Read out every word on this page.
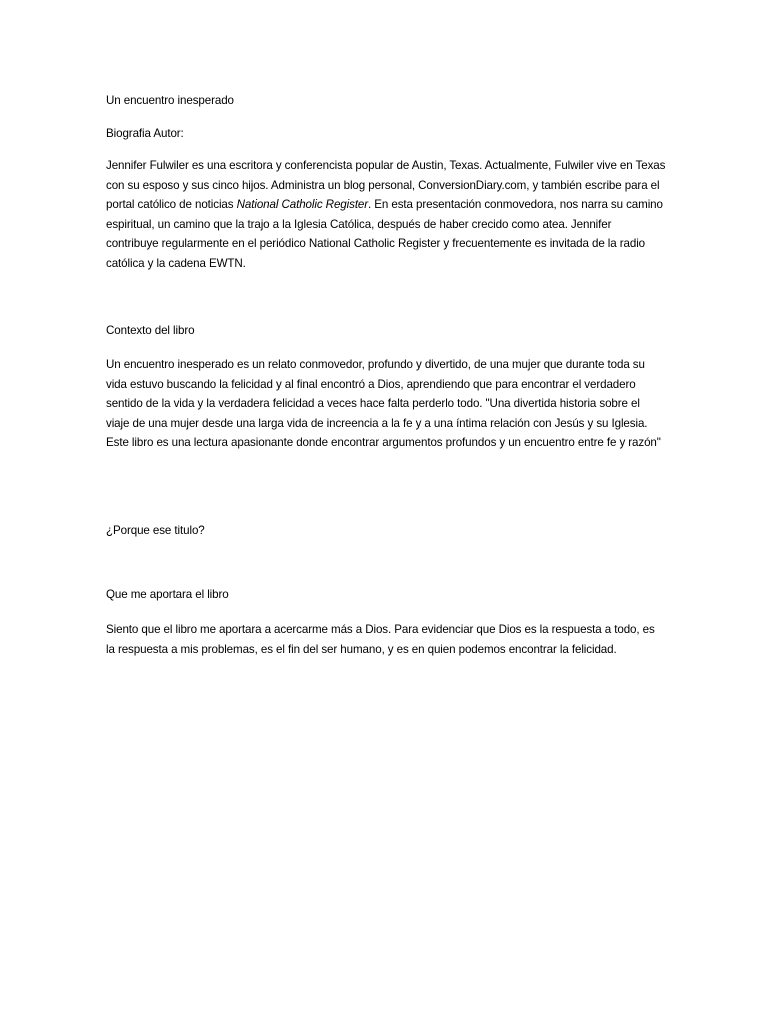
Un encuentro inesperado

Biografia Autor:

Jennifer Fulwiler es una escritora y conferencista popular de Austin, Texas. Actualmente, Fulwiler vive en Texas con su esposo y sus cinco hijos. Administra un blog personal, ConversionDiary.com, y también escribe para el portal católico de noticias National Catholic Register. En esta presentación conmovedora, nos narra su camino espiritual, un camino que la trajo a la Iglesia Católica, después de haber crecido como atea. Jennifer contribuye regularmente en el periódico National Catholic Register y frecuentemente es invitada de la radio católica y la cadena EWTN.

Contexto del libro

Un encuentro inesperado es un relato conmovedor, profundo y divertido, de una mujer que durante toda su vida estuvo buscando la felicidad y al final encontró a Dios, aprendiendo que para encontrar el verdadero sentido de la vida y la verdadera felicidad a veces hace falta perderlo todo. "Una divertida historia sobre el viaje de una mujer desde una larga vida de increencia a la fe y a una íntima relación con Jesús y su Iglesia. Este libro es una lectura apasionante donde encontrar argumentos profundos y un encuentro entre fe y razón"

¿Porque ese titulo?

Que me aportara el libro

Siento que el libro me aportara a acercarme más a Dios. Para evidenciar que Dios es la respuesta a todo, es la respuesta a mis problemas, es el fin del ser humano, y es en quien podemos encontrar la felicidad.
